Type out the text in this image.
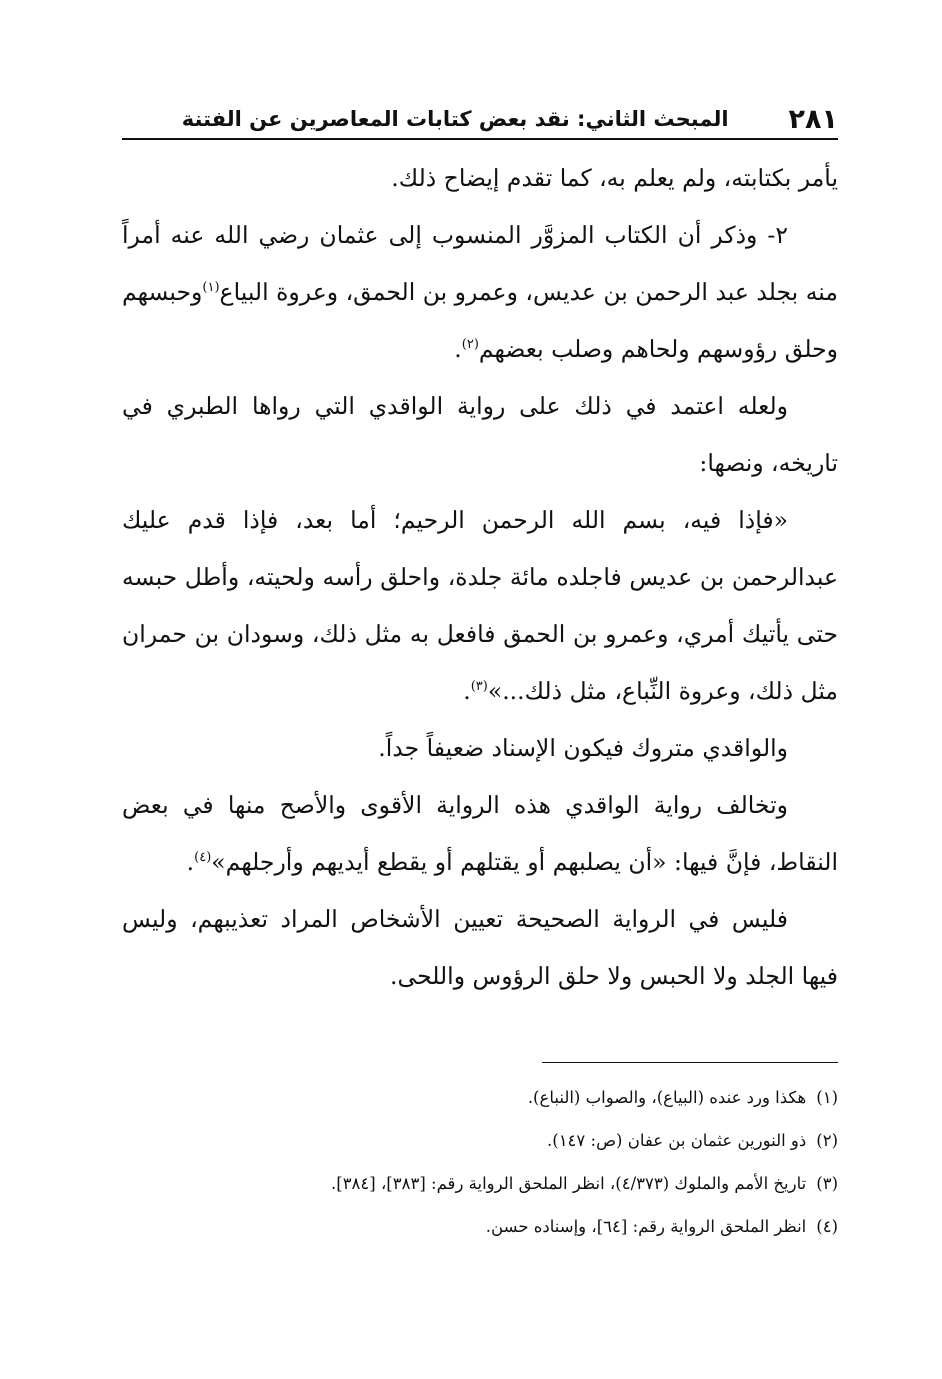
٢٨١
المبحث الثاني: نقد بعض كتابات المعاصرين عن الفتنة

يأمر بكتابته، ولم يعلم به، كما تقدم إيضاح ذلك.

٢- وذكر أن الكتاب المزوَّر المنسوب إلى عثمان رضي الله عنه أمراً منه بجلد عبد الرحمن بن عديس، وعمرو بن الحمق، وعروة البياع$^{(١)}$وحبسهم وحلق رؤوسهم ولحاهم وصلب بعضهم$^{(٢)}$.

ولعله اعتمد في ذلك على رواية الواقدي التي رواها الطبري في تاريخه، ونصها:

«فإذا فيه، بسم الله الرحمن الرحيم؛ أما بعد، فإذا قدم عليك عبدالرحمن بن عديس فاجلده مائة جلدة، واحلق رأسه ولحيته، وأطل حبسه حتى يأتيك أمري، وعمرو بن الحمق فافعل به مثل ذلك، وسودان بن حمران مثل ذلك، وعروة النِّباع، مثل ذلك...»$^{(٣)}$.

والواقدي متروك فيكون الإسناد ضعيفاً جداً.

وتخالف رواية الواقدي هذه الرواية الأقوى والأصح منها في بعض النقاط، فإنَّ فيها: «أن يصلبهم أو يقتلهم أو يقطع أيديهم وأرجلهم»$^{(٤)}$.

فليس في الرواية الصحيحة تعيين الأشخاص المراد تعذيبهم، وليس فيها الجلد ولا الحبس ولا حلق الرؤوس واللحى.

(١)هكذا ورد عنده (البياع)، والصواب (النباع).

(٢)ذو النورين عثمان بن عفان (ص: ١٤٧).

(٣)تاريخ الأمم والملوك (٤/٣٧٣)، انظر الملحق الرواية رقم: [٣٨٣]، [٣٨٤].

(٤)انظر الملحق الرواية رقم: [٦٤]، وإسناده حسن.
